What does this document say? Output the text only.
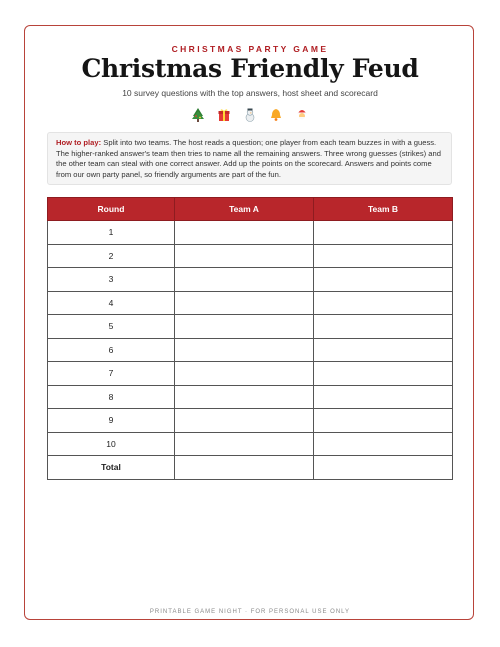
CHRISTMAS PARTY GAME
Christmas Friendly Feud
10 survey questions with the top answers, host sheet and scorecard
How to play: Split into two teams. The host reads a question; one player from each team buzzes in with a guess. The higher-ranked answer's team then tries to name all the remaining answers. Three wrong guesses (strikes) and the other team can steal with one correct answer. Add up the points on the scorecard. Answers and points come from our own party panel, so friendly arguments are part of the fun.
Round	Team A	Team B
1		
2		
3		
4		
5		
6		
7		
8		
9		
10		
Total		
PRINTABLE GAME NIGHT · FOR PERSONAL USE ONLY
